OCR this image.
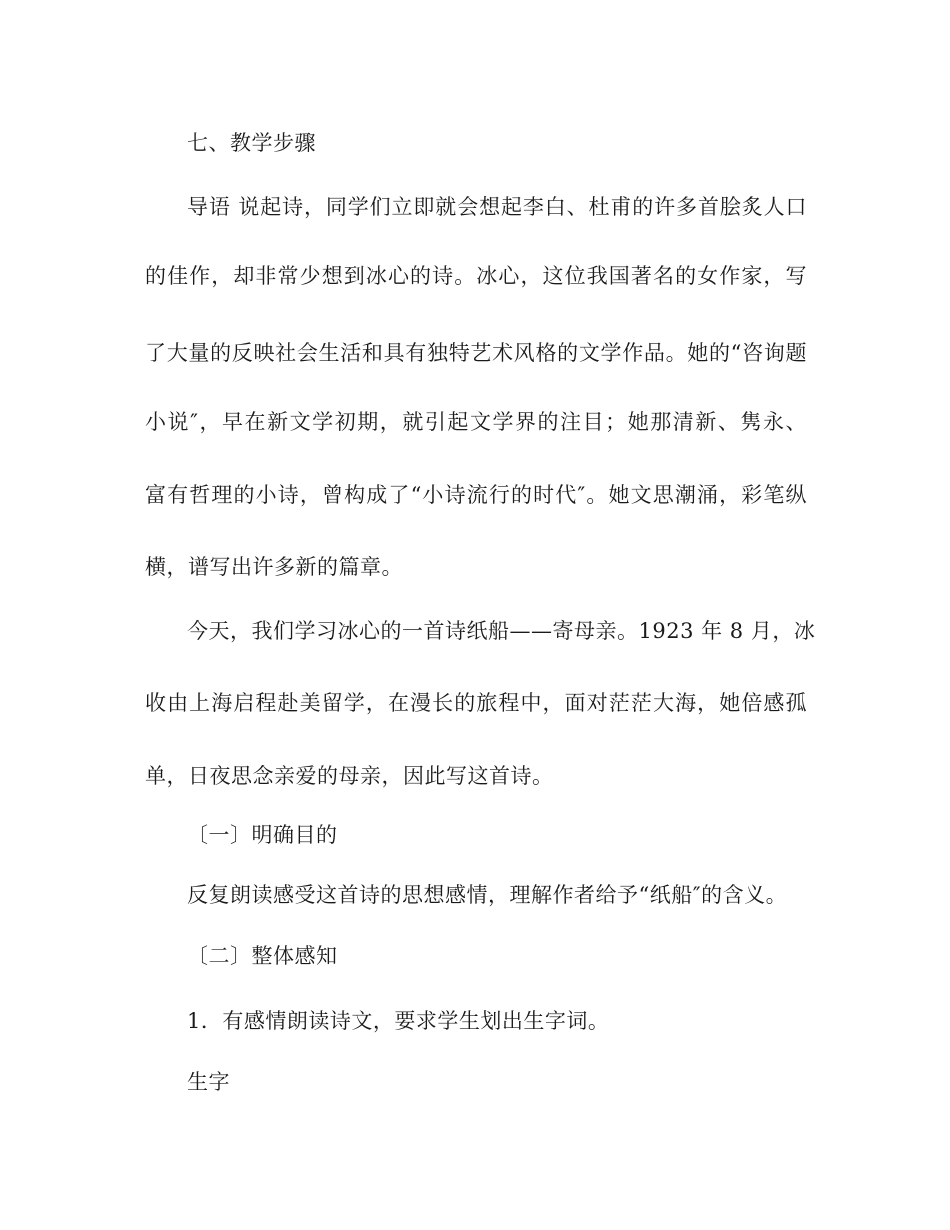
七、教学步骤
导语 说起诗，同学们立即就会想起李白、杜甫的许多首脍炙人口
的佳作，却非常少想到冰心的诗。冰心，这位我国著名的女作家，写
了大量的反映社会生活和具有独特艺术风格的文学作品。她的“咨询题
小说″，早在新文学初期，就引起文学界的注目；她那清新、隽永、
富有哲理的小诗，曾构成了“小诗流行的时代″。她文思潮涌，彩笔纵
横，谱写出许多新的篇章。
今天，我们学习冰心的一首诗纸船——寄母亲。1923 年 8 月，冰
收由上海启程赴美留学，在漫长的旅程中，面对茫茫大海，她倍感孤
单，日夜思念亲爱的母亲，因此写这首诗。
〔一〕明确目的
反复朗读感受这首诗的思想感情，理解作者给予“纸船″的含义。
〔二〕整体感知
1．有感情朗读诗文，要求学生划出生字词。
生字
